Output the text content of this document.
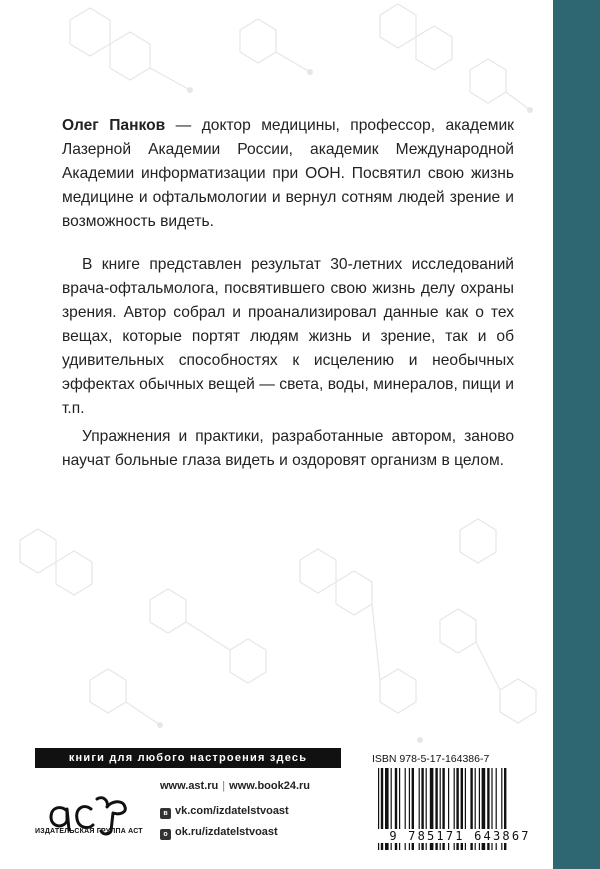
Олег Панков — доктор медицины, профессор, академик Лазерной Академии России, академик Международной Академии информатизации при ООН. Посвятил свою жизнь медицине и офтальмологии и вернул сотням людей зрение и возможность видеть.

В книге представлен результат 30-летних исследований врача-офтальмолога, посвятившего свою жизнь делу охраны зрения. Автор собрал и проанализировал данные как о тех вещах, которые портят людям жизнь и зрение, так и об удивительных способностях к исцелению и необычных эффектах обычных вещей — света, воды, минералов, пищи и т.п.

Упражнения и практики, разработанные автором, заново научат больные глаза видеть и оздоровят организм в целом.

книги для любого настроения здесь
ИЗДАТЕЛЬСКАЯ ГРУППА АСТ
www.ast.ru | www.book24.ru
в vk.com/izdatelstvoast
о ok.ru/izdatelstvoast
ISBN 978-5-17-164386-7
9 785171 643867
